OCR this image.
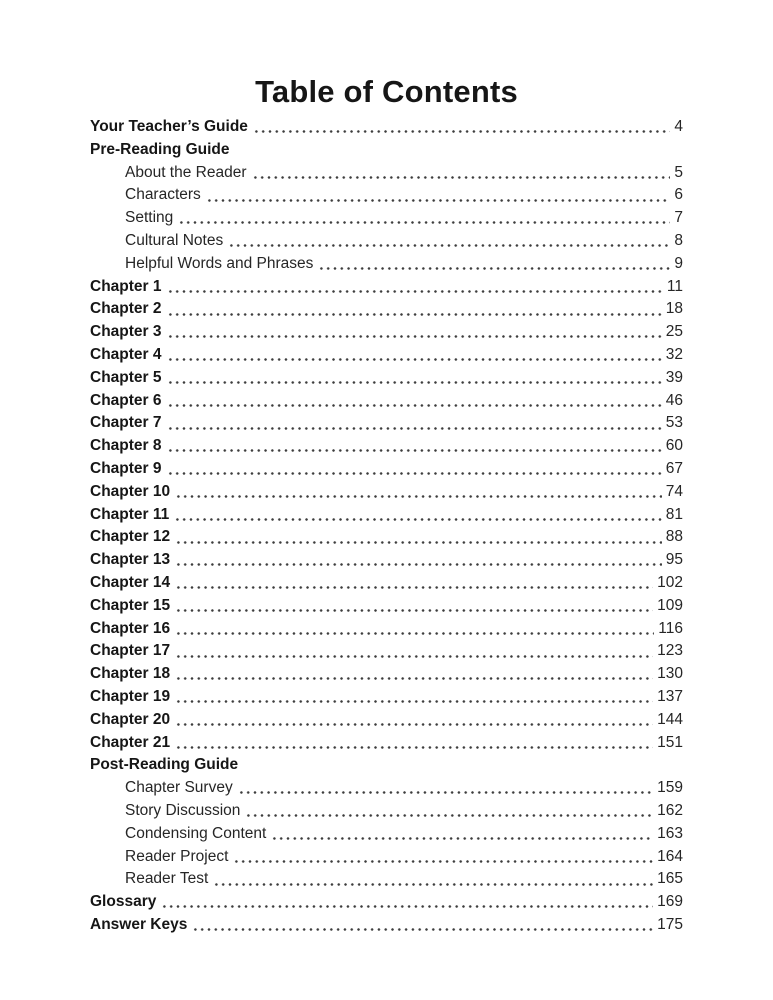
Table of Contents
Your Teacher’s Guide	4
Pre-Reading Guide
About the Reader	5
Characters	6
Setting	7
Cultural Notes	8
Helpful Words and Phrases	9
Chapter 1	11
Chapter 2	18
Chapter 3	25
Chapter 4	32
Chapter 5	39
Chapter 6	46
Chapter 7	53
Chapter 8	60
Chapter 9	67
Chapter 10	74
Chapter 11	81
Chapter 12	88
Chapter 13	95
Chapter 14	102
Chapter 15	109
Chapter 16	116
Chapter 17	123
Chapter 18	130
Chapter 19	137
Chapter 20	144
Chapter 21	151
Post-Reading Guide
Chapter Survey	159
Story Discussion	162
Condensing Content	163
Reader Project	164
Reader Test	165
Glossary	169
Answer Keys	175
